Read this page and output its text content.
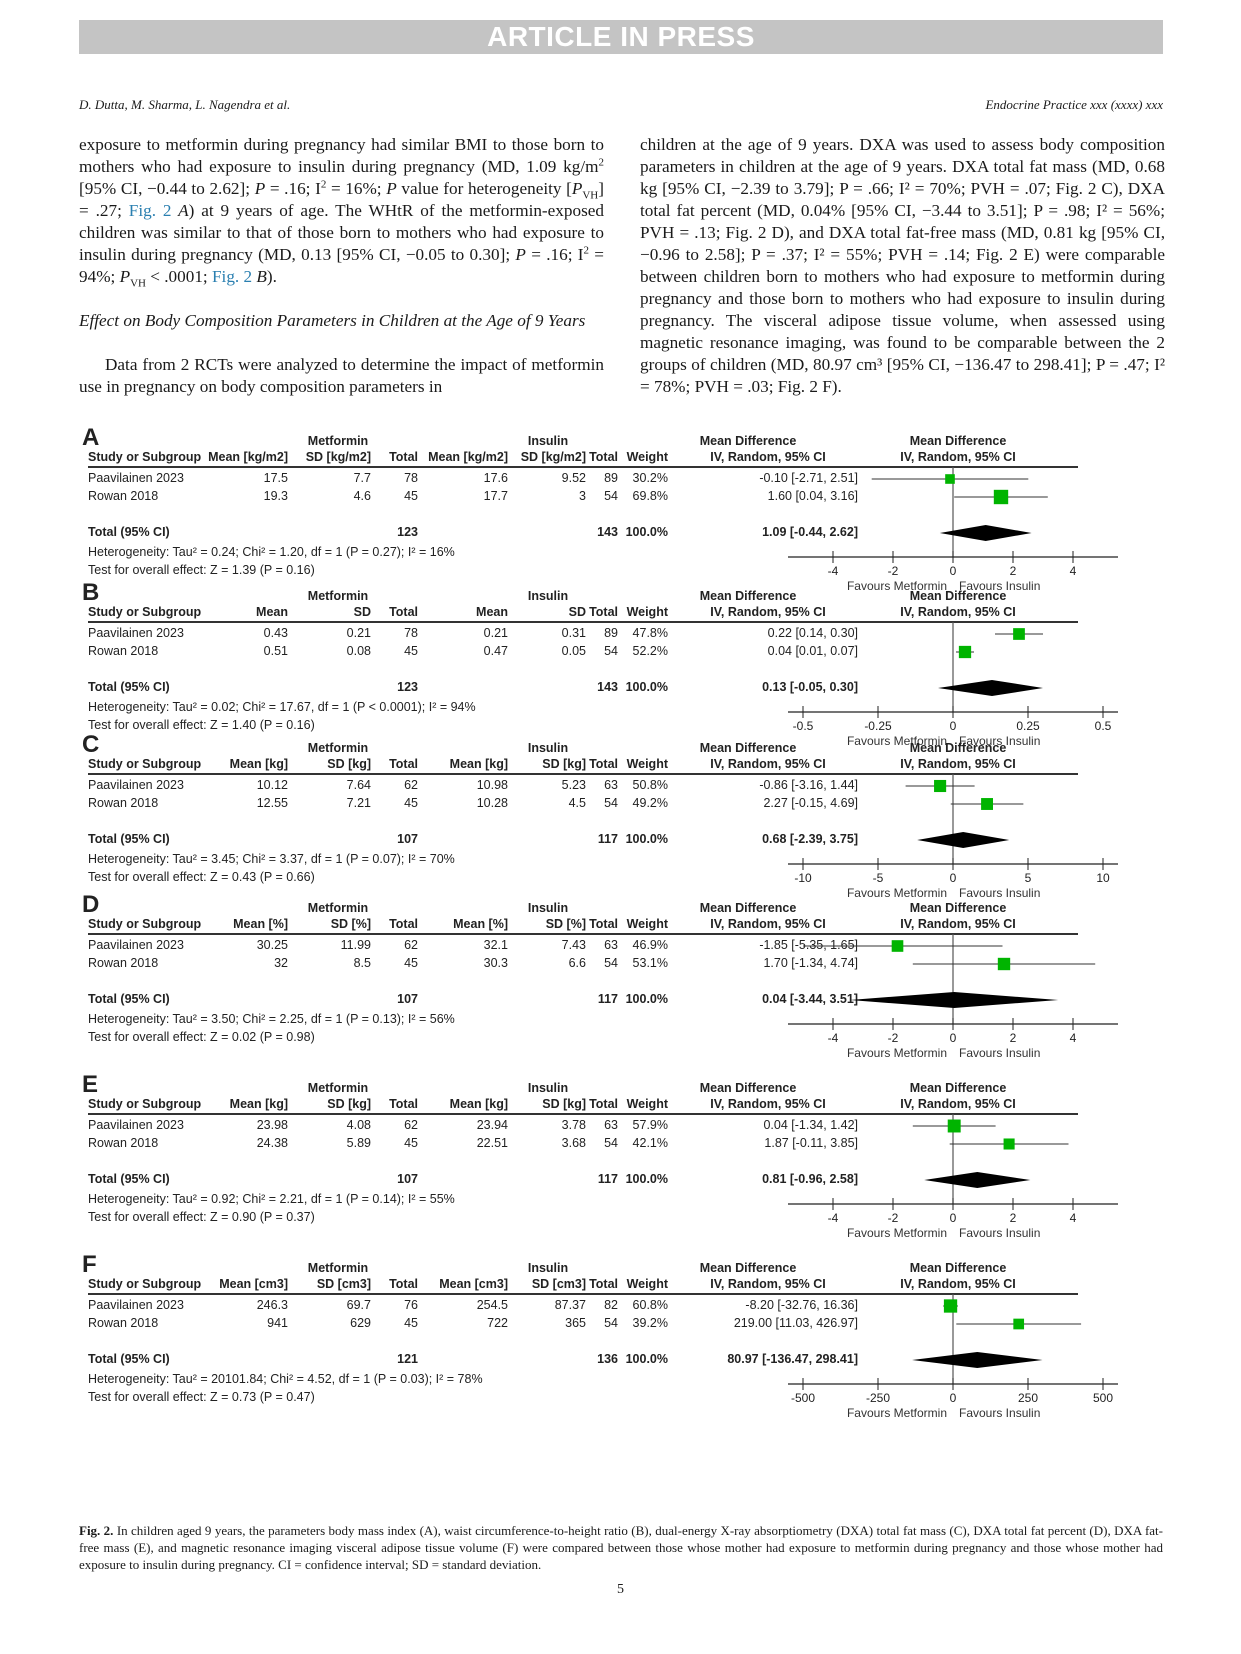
ARTICLE IN PRESS
D. Dutta, M. Sharma, L. Nagendra et al.	Endocrine Practice xxx (xxxx) xxx

exposure to metformin during pregnancy had similar BMI to those born to mothers who had exposure to insulin during pregnancy (MD, 1.09 $kg/m^2$ [95% CI, −0.44 to 2.62]; P = .16; $I^2 = 16\%$; P value for heterogeneity $[P_{VH}] = .27$; Fig. 2 A) at 9 years of age. The WHtR of the metformin-exposed children was similar to that of those born to mothers who had exposure to insulin during pregnancy (MD, 0.13 [95% CI, −0.05 to 0.30]; P = .16; $I^2 = 94\%$; $P_{VH} < .0001$; Fig. 2 B).

Effect on Body Composition Parameters in Children at the Age of 9 Years

Data from 2 RCTs were analyzed to determine the impact of metformin use in pregnancy on body composition parameters in

children at the age of 9 years. DXA was used to assess body composition parameters in children at the age of 9 years. DXA total fat mass (MD, 0.68 kg [95% CI, −2.39 to 3.79]; P = .66; I² = 70%; PVH = .07; Fig. 2 C), DXA total fat percent (MD, 0.04% [95% CI, −3.44 to 3.51]; P = .98; I² = 56%; PVH = .13; Fig. 2 D), and DXA total fat-free mass (MD, 0.81 kg [95% CI, −0.96 to 2.58]; P = .37; I² = 55%; PVH = .14; Fig. 2 E) were comparable between children born to mothers who had exposure to metformin during pregnancy and those born to mothers who had exposure to insulin during pregnancy. The visceral adipose tissue volume, when assessed using magnetic resonance imaging, was found to be comparable between the 2 groups of children (MD, 80.97 cm³ [95% CI, −136.47 to 298.41]; P = .47; I² = 78%; PVH = .03; Fig. 2 F).

A	Metformin	Insulin	Mean Difference	Mean Difference
Study or Subgroup Mean [kg/m2]	SD [kg/m2]	Total Mean [kg/m2]	SD [kg/m2] Total Weight	IV, Random, 95% CI	IV, Random, 95% CI
Paavilainen 2023	17.5	7.7	78	17.6	9.52	89	30.2%	-0.10 [-2.71, 2.51]
Rowan 2018	19.3	4.6	45	17.7	3	54	69.8%	1.60 [0.04, 3.16]
Total (95% CI)	123	143 100.0%	1.09 [-0.44, 2.62]
Heterogeneity: Tau² = 0.24; Chi² = 1.20, df = 1 (P = 0.27); I² = 16%
Test for overall effect: Z = 1.39 (P = 0.16)	-4	-2	0	2	4
Favours Metformin Favours Insulin
B	Metformin	Insulin	Mean Difference	Mean Difference
Study or Subgroup	Mean	SD	Total	Mean	SD Total Weight	IV, Random, 95% CI	IV, Random, 95% CI
Paavilainen 2023	0.43	0.21	78	0.21	0.31	89	47.8%	0.22 [0.14, 0.30]
Rowan 2018	0.51	0.08	45	0.47	0.05	54	52.2%	0.04 [0.01, 0.07]
Total (95% CI)	123	143 100.0%	0.13 [-0.05, 0.30]
Heterogeneity: Tau² = 0.02; Chi² = 17.67, df = 1 (P < 0.0001); I² = 94%
Test for overall effect: Z = 1.40 (P = 0.16)	-0.5	-0.25	0	0.25	0.5
Favours Metformin Favours Insulin
C	Metformin	Insulin	Mean Difference	Mean Difference
Study or Subgroup	Mean [kg]	SD [kg]	Total	Mean [kg]	SD [kg] Total Weight	IV, Random, 95% CI	IV, Random, 95% CI
Paavilainen 2023	10.12	7.64	62	10.98	5.23	63	50.8%	-0.86 [-3.16, 1.44]
Rowan 2018	12.55	7.21	45	10.28	4.5	54	49.2%	2.27 [-0.15, 4.69]
Total (95% CI)	107	117 100.0%	0.68 [-2.39, 3.75]
Heterogeneity: Tau² = 3.45; Chi² = 3.37, df = 1 (P = 0.07); I² = 70%
Test for overall effect: Z = 0.43 (P = 0.66)	-10	-5	0	5	10
Favours Metformin Favours Insulin
D	Metformin	Insulin	Mean Difference	Mean Difference
Study or Subgroup	Mean [%]	SD [%]	Total	Mean [%]	SD [%] Total Weight	IV, Random, 95% CI	IV, Random, 95% CI
Paavilainen 2023	30.25	11.99	62	32.1	7.43	63	46.9%	-1.85 [-5.35, 1.65]
Rowan 2018	32	8.5	45	30.3	6.6	54	53.1%	1.70 [-1.34, 4.74]
Total (95% CI)	107	117 100.0%	0.04 [-3.44, 3.51]
Heterogeneity: Tau² = 3.50; Chi² = 2.25, df = 1 (P = 0.13); I² = 56%
Test for overall effect: Z = 0.02 (P = 0.98)	-4	-2	0	2	4
Favours Metformin Favours Insulin
E	Metformin	Insulin	Mean Difference	Mean Difference
Study or Subgroup	Mean [kg]	SD [kg]	Total	Mean [kg]	SD [kg] Total Weight	IV, Random, 95% CI	IV, Random, 95% CI
Paavilainen 2023	23.98	4.08	62	23.94	3.78	63	57.9%	0.04 [-1.34, 1.42]
Rowan 2018	24.38	5.89	45	22.51	3.68	54	42.1%	1.87 [-0.11, 3.85]
Total (95% CI)	107	117 100.0%	0.81 [-0.96, 2.58]
Heterogeneity: Tau² = 0.92; Chi² = 2.21, df = 1 (P = 0.14); I² = 55%
Test for overall effect: Z = 0.90 (P = 0.37)	-4	-2	0	2	4
Favours Metformin Favours Insulin
F	Metformin	Insulin	Mean Difference	Mean Difference
Study or Subgroup	Mean [cm3]	SD [cm3]	Total	Mean [cm3]	SD [cm3] Total Weight	IV, Random, 95% CI	IV, Random, 95% CI
Paavilainen 2023	246.3	69.7	76	254.5	87.37	82	60.8%	-8.20 [-32.76, 16.36]
Rowan 2018	941	629	45	722	365	54	39.2%	219.00 [11.03, 426.97]
Total (95% CI)	121	136 100.0%	80.97 [-136.47, 298.41]
Heterogeneity: Tau² = 20101.84; Chi² = 4.52, df = 1 (P = 0.03); I² = 78%
Test for overall effect: Z = 0.73 (P = 0.47)	-500	-250	0	250	500
Favours Metformin Favours Insulin
Fig. 2. In children aged 9 years, the parameters body mass index (A), waist circumference-to-height ratio (B), dual-energy X-ray absorptiometry (DXA) total fat mass (C), DXA total fat percent (D), DXA fat-free mass (E), and magnetic resonance imaging visceral adipose tissue volume (F) were compared between those whose mother had exposure to metformin during pregnancy and those whose mother had exposure to insulin during pregnancy. CI = confidence interval; SD = standard deviation.
5
